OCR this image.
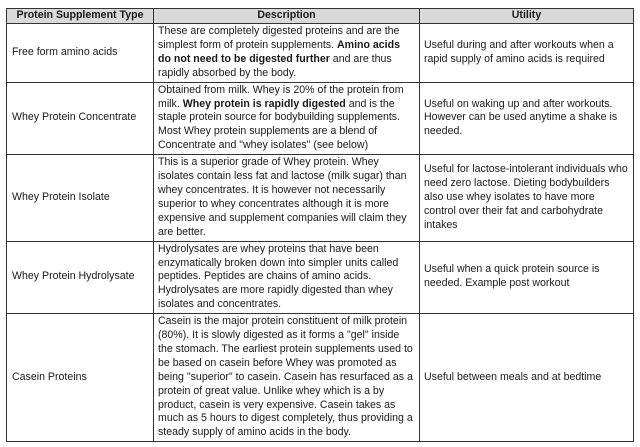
Protein Supplement Type	Description	Utility
Free form amino acids	These are completely digested proteins and are the simplest form of protein supplements. Amino acids do not need to be digested further and are thus rapidly absorbed by the body.	Useful during and after workouts when a rapid supply of amino acids is required
Whey Protein Concentrate	Obtained from milk. Whey is 20% of the protein from milk. Whey protein is rapidly digested and is the staple protein source for bodybuilding supplements. Most Whey protein supplements are a blend of Concentrate and "whey isolates" (see below)	Useful on waking up and after workouts. However can be used anytime a shake is needed.
Whey Protein Isolate	This is a superior grade of Whey protein. Whey isolates contain less fat and lactose (milk sugar) than whey concentrates. It is however not necessarily superior to whey concentrates although it is more expensive and supplement companies will claim they are better.	Useful for lactose-intolerant individuals who need zero lactose. Dieting bodybuilders also use whey isolates to have more control over their fat and carbohydrate intakes
Whey Protein Hydrolysate	Hydrolysates are whey proteins that have been enzymatically broken down into simpler units called peptides. Peptides are chains of amino acids. Hydrolysates are more rapidly digested than whey isolates and concentrates.	Useful when a quick protein source is needed. Example post workout
Casein Proteins	Casein is the major protein constituent of milk protein (80%). It is slowly digested as it forms a "gel" inside the stomach. The earliest protein supplements used to be based on casein before Whey was promoted as being "superior" to casein. Casein has resurfaced as a protein of great value. Unlike whey which is a by product, casein is very expensive. Casein takes as much as 5 hours to digest completely, thus providing a steady supply of amino acids in the body.	Useful between meals and at bedtime
